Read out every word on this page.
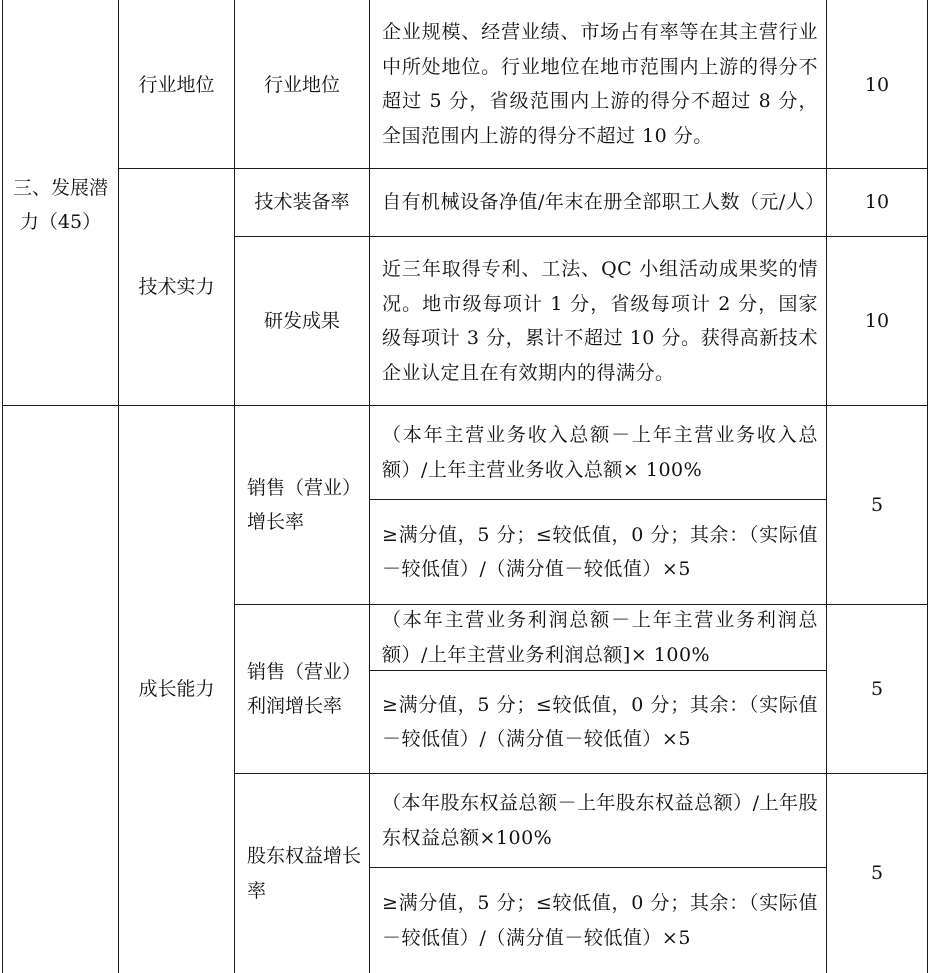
三、发展潜力（45）
行业地位	行业地位
企业规模、经营业绩、市场占有率等在其主营行业中所处地位。行业地位在地市范围内上游的得分不超过 5 分，省级范围内上游的得分不超过 8 分，全国范围内上游的得分不超过 10 分。
10
技术实力
技术装备率 自有机械设备净值/年末在册全部职工人数（元/人） 10
研发成果
近三年取得专利、工法、QC 小组活动成果奖的情况。地市级每项计 1 分，省级每项计 2 分，国家级每项计 3 分，累计不超过 10 分。获得高新技术企业认定且在有效期内的得满分。
10
成长能力
销售（营业）增长率
（本年主营业务收入总额－上年主营业务收入总额）/上年主营业务收入总额× 100%
≥满分值，5 分；≤较低值，0 分；其余：（实际值－较低值）/（满分值－较低值）×5
5
销售（营业）利润增长率
（本年主营业务利润总额－上年主营业务利润总额）/上年主营业务利润总额]× 100%
≥满分值，5 分；≤较低值，0 分；其余：（实际值－较低值）/（满分值－较低值）×5
5
股东权益增长率
（本年股东权益总额－上年股东权益总额）/上年股东权益总额×100%
≥满分值，5 分；≤较低值，0 分；其余：（实际值－较低值）/（满分值－较低值）×5
5
